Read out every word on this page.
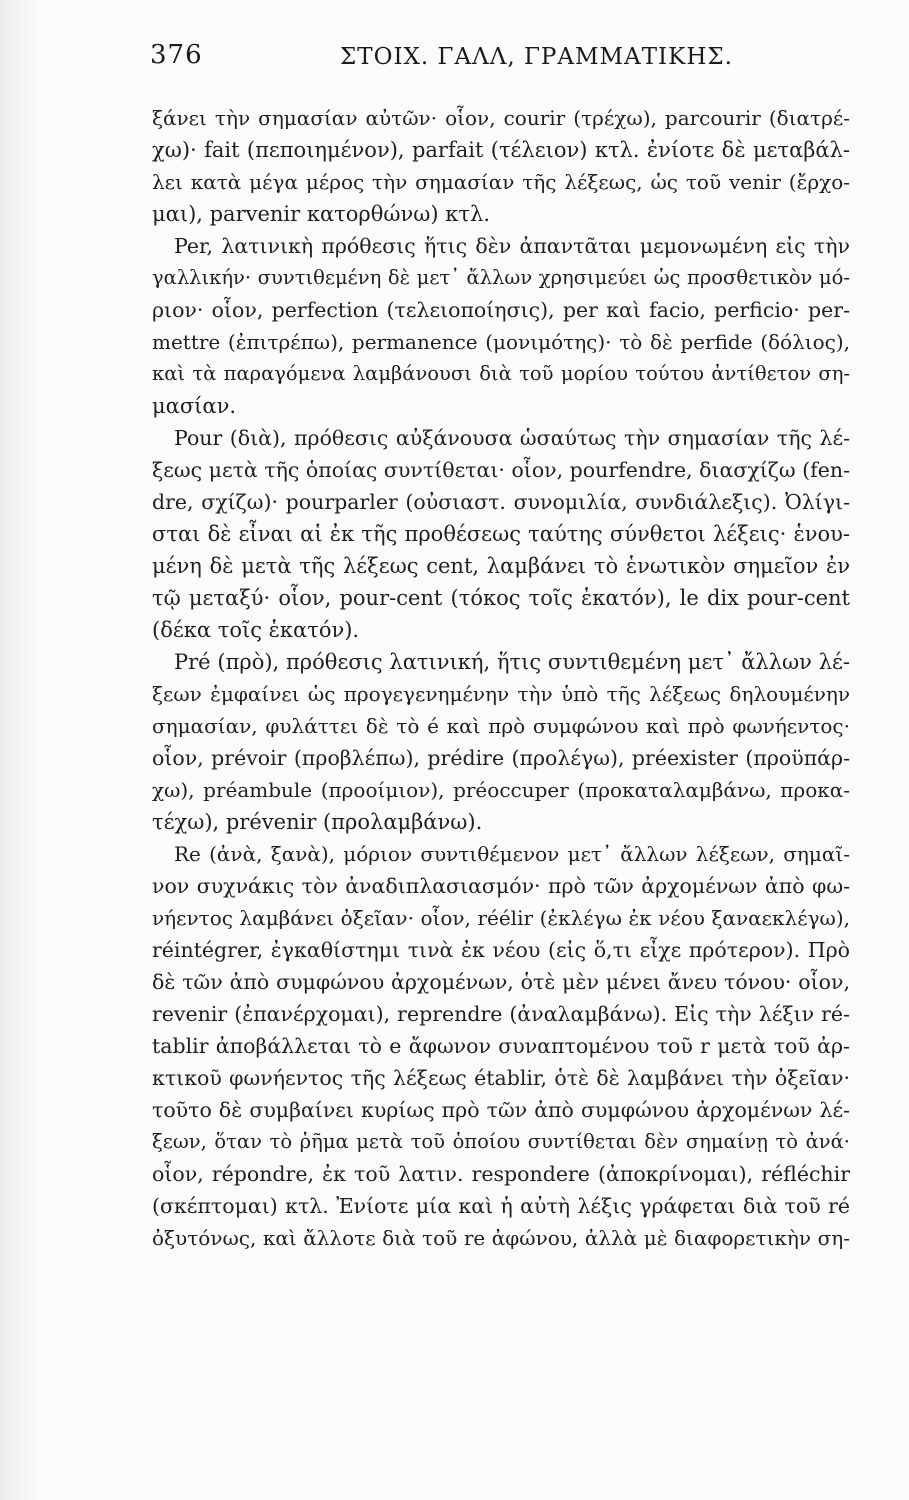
376	ΣΤΟΙΧ. ΓΑΛΛ, ΓΡΑΜΜΑΤΙΚΗΣ.
ξάνει τὴν σημασίαν αὐτῶν· οἷον, courir (τρέχω), parcourir (διατρέ-
χω)· fait (πεποιημένον), parfait (τέλειον) κτλ. ἐνίοτε δὲ μεταβάλ-
λει κατὰ μέγα μέρος τὴν σημασίαν τῆς λέξεως, ὡς τοῦ venir (ἔρχο-
μαι), parvenir κατορθώνω) κτλ.
Per, λατινικὴ πρόθεσις ἥτις δὲν ἀπαντᾶται μεμονωμένη εἰς τὴν
γαλλικήν· συντιθεμένη δὲ μετ᾽ ἄλλων χρησιμεύει ὡς προσθετικὸν μό-
ριον· οἷον, perfection (τελειοποίησις), per καὶ facio, perficio· per-
mettre (ἐπιτρέπω), permanence (μονιμότης)· τὸ δὲ perfide (δόλιος),
καὶ τὰ παραγόμενα λαμβάνουσι διὰ τοῦ μορίου τούτου ἀντίθετον ση-
μασίαν.
Pour (διὰ), πρόθεσις αὐξάνουσα ὡσαύτως τὴν σημασίαν τῆς λέ-
ξεως μετὰ τῆς ὁποίας συντίθεται· οἷον, pourfendre, διασχίζω (fen-
dre, σχίζω)· pourparler (οὐσιαστ. συνομιλία, συνδιάλεξις). Ὀλίγι-
σται δὲ εἶναι αἱ ἐκ τῆς προθέσεως ταύτης σύνθετοι λέξεις· ἑνου-
μένη δὲ μετὰ τῆς λέξεως cent, λαμβάνει τὸ ἑνωτικὸν σημεῖον ἐν
τῷ μεταξύ· οἷον, pour-cent (τόκος τοῖς ἑκατόν), le dix pour-cent
(δέκα τοῖς ἑκατόν).
Pré (πρὸ), πρόθεσις λατινική, ἥτις συντιθεμένη μετ᾽ ἄλλων λέ-
ξεων ἐμφαίνει ὡς προγεγενημένην τὴν ὑπὸ τῆς λέξεως δηλουμένην
σημασίαν, φυλάττει δὲ τὸ é καὶ πρὸ συμφώνου καὶ πρὸ φωνήεντος·
οἷον, prévoir (προβλέπω), prédire (προλέγω), préexister (προϋπάρ-
χω), préambule (προοίμιον), préoccuper (προκαταλαμβάνω, προκα-
τέχω), prévenir (προλαμβάνω).
Re (ἀνὰ, ξανὰ), μόριον συντιθέμενον μετ᾽ ἄλλων λέξεων, σημαῖ-
νον συχνάκις τὸν ἀναδιπλασιασμόν· πρὸ τῶν ἀρχομένων ἀπὸ φω-
νήεντος λαμβάνει ὀξεῖαν· οἷον, réélir (ἐκλέγω ἐκ νέου ξαναεκλέγω),
réintégrer, ἐγκαθίστημι τινὰ ἐκ νέου (εἰς ὅ,τι εἶχε πρότερον). Πρὸ
δὲ τῶν ἀπὸ συμφώνου ἀρχομένων, ὁτὲ μὲν μένει ἄνευ τόνου· οἷον,
revenir (ἐπανέρχομαι), reprendre (ἀναλαμβάνω). Εἰς τὴν λέξιν ré-
tablir ἀποβάλλεται τὸ e ἄφωνον συναπτομένου τοῦ r μετὰ τοῦ ἀρ-
κτικοῦ φωνήεντος τῆς λέξεως établir, ὁτὲ δὲ λαμβάνει τὴν ὀξεῖαν·
τοῦτο δὲ συμβαίνει κυρίως πρὸ τῶν ἀπὸ συμφώνου ἀρχομένων λέ-
ξεων, ὅταν τὸ ῥῆμα μετὰ τοῦ ὁποίου συντίθεται δὲν σημαίνῃ τὸ ἀνά·
οἷον, répondre, ἐκ τοῦ λατιν. respondere (ἀποκρίνομαι), réfléchir
(σκέπτομαι) κτλ. Ἐνίοτε μία καὶ ἡ αὐτὴ λέξις γράφεται διὰ τοῦ ré
ὀξυτόνως, καὶ ἄλλοτε διὰ τοῦ re ἀφώνου, ἀλλὰ μὲ διαφορετικὴν ση-
